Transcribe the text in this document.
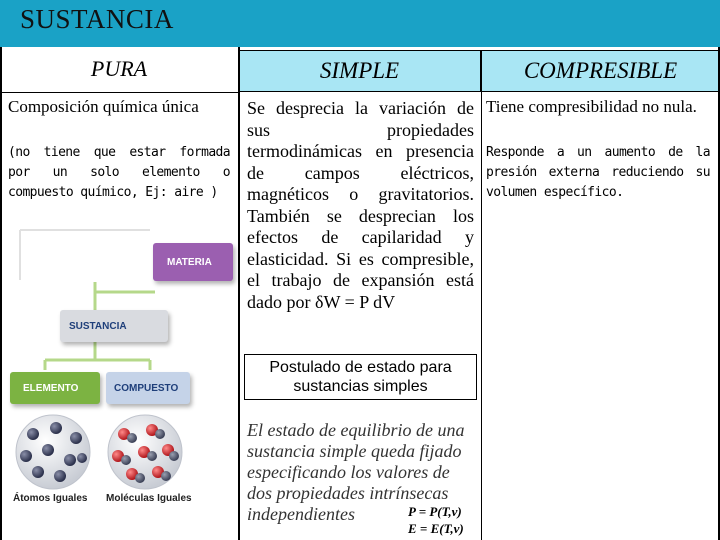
SUSTANCIA
PURA	SIMPLE	COMPRESIBLE
Composición química única
(no tiene que estar formada por un solo elemento o compuesto químico, Ej: aire )
MATERIA
SUSTANCIA
ELEMENTO	COMPUESTO
Átomos Iguales Moléculas Iguales
Se desprecia la variación de sus propiedades termodinámicas en presencia de campos eléctricos, magnéticos o gravitatorios. También se desprecian los efectos de capilaridad y elasticidad. Si es compresible, el trabajo de expansión está dado por δW = P dV
Postulado de estado para sustancias simples
El estado de equilibrio de una sustancia simple queda fijado especificando los valores de dos propiedades intrínsecas independientes	P = P(T,v)
E = E(T,v)
Tiene compresibilidad no nula.
Responde a un aumento de la presión externa reduciendo su volumen específico.
